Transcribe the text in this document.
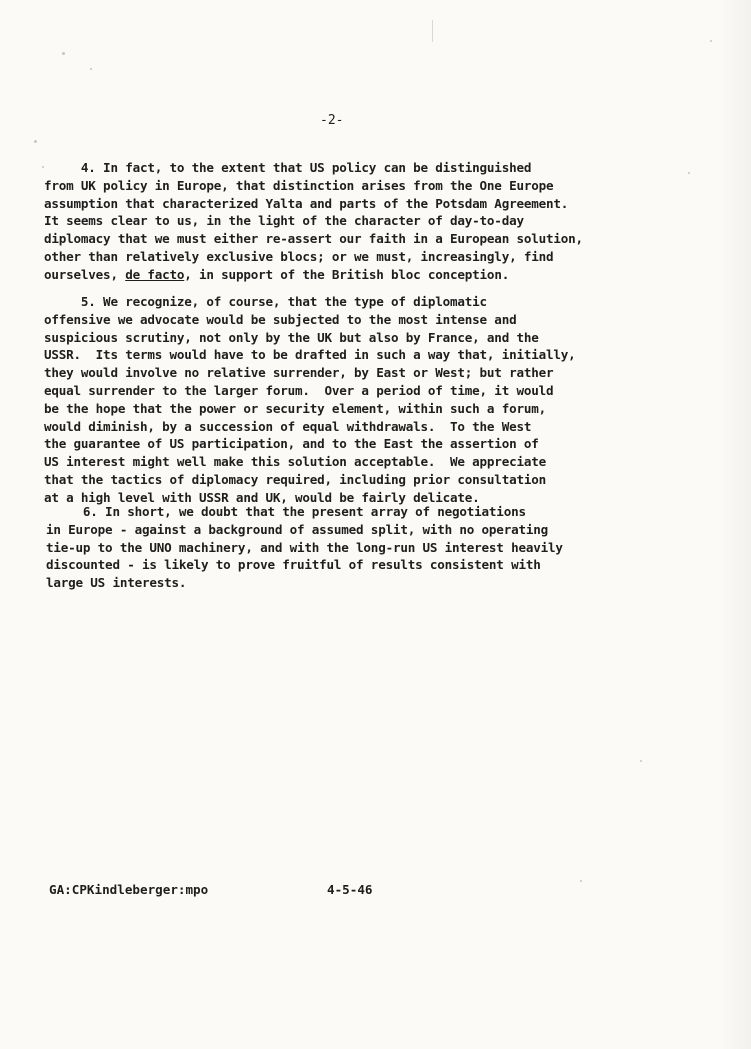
-2-
4. In fact, to the extent that US policy can be distinguished
from UK policy in Europe, that distinction arises from the One Europe
assumption that characterized Yalta and parts of the Potsdam Agreement.
It seems clear to us, in the light of the character of day-to-day
diplomacy that we must either re-assert our faith in a European solution,
other than relatively exclusive blocs; or we must, increasingly, find
ourselves, de facto, in support of the British bloc conception.
5. We recognize, of course, that the type of diplomatic
offensive we advocate would be subjected to the most intense and
suspicious scrutiny, not only by the UK but also by France, and the
USSR.  Its terms would have to be drafted in such a way that, initially,
they would involve no relative surrender, by East or West; but rather
equal surrender to the larger forum.  Over a period of time, it would
be the hope that the power or security element, within such a forum,
would diminish, by a succession of equal withdrawals.  To the West
the guarantee of US participation, and to the East the assertion of
US interest might well make this solution acceptable.  We appreciate
that the tactics of diplomacy required, including prior consultation
at a high level with USSR and UK, would be fairly delicate.
6. In short, we doubt that the present array of negotiations
in Europe - against a background of assumed split, with no operating
tie-up to the UNO machinery, and with the long-run US interest heavily
discounted - is likely to prove fruitful of results consistent with
large US interests.
GA:CPKindleberger:mpo	4-5-46
